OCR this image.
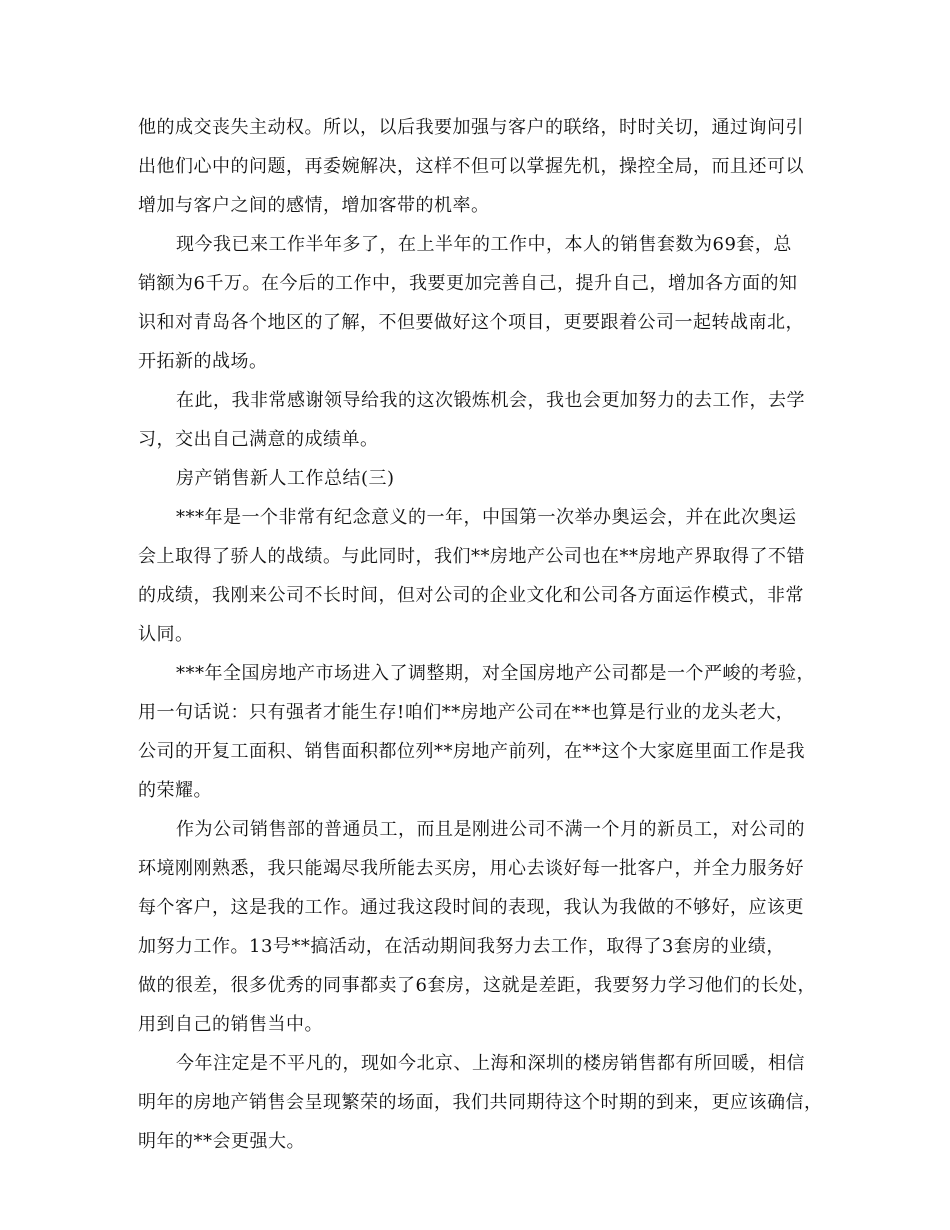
他的成交丧失主动权。所以，以后我要加强与客户的联络，时时关切，通过询问引
出他们心中的问题，再委婉解决，这样不但可以掌握先机，操控全局，而且还可以
增加与客户之间的感情，增加客带的机率。
现今我已来工作半年多了，在上半年的工作中，本人的销售套数为69套，总
销额为6千万。在今后的工作中，我要更加完善自己，提升自己，增加各方面的知
识和对青岛各个地区的了解，不但要做好这个项目，更要跟着公司一起转战南北，
开拓新的战场。
在此，我非常感谢领导给我的这次锻炼机会，我也会更加努力的去工作，去学
习，交出自己满意的成绩单。
房产销售新人工作总结(三)
***年是一个非常有纪念意义的一年，中国第一次举办奥运会，并在此次奥运
会上取得了骄人的战绩。与此同时，我们**房地产公司也在**房地产界取得了不错
的成绩，我刚来公司不长时间，但对公司的企业文化和公司各方面运作模式，非常
认同。
***年全国房地产市场进入了调整期，对全国房地产公司都是一个严峻的考验，
用一句话说：只有强者才能生存!咱们**房地产公司在**也算是行业的龙头老大，
公司的开复工面积、销售面积都位列**房地产前列，在**这个大家庭里面工作是我
的荣耀。
作为公司销售部的普通员工，而且是刚进公司不满一个月的新员工，对公司的
环境刚刚熟悉，我只能竭尽我所能去买房，用心去谈好每一批客户，并全力服务好
每个客户，这是我的工作。通过我这段时间的表现，我认为我做的不够好，应该更
加努力工作。13号**搞活动，在活动期间我努力去工作，取得了3套房的业绩，
做的很差，很多优秀的同事都卖了6套房，这就是差距，我要努力学习他们的长处，
用到自己的销售当中。
今年注定是不平凡的，现如今北京、上海和深圳的楼房销售都有所回暖，相信
明年的房地产销售会呈现繁荣的场面，我们共同期待这个时期的到来，更应该确信，
明年的**会更强大。
